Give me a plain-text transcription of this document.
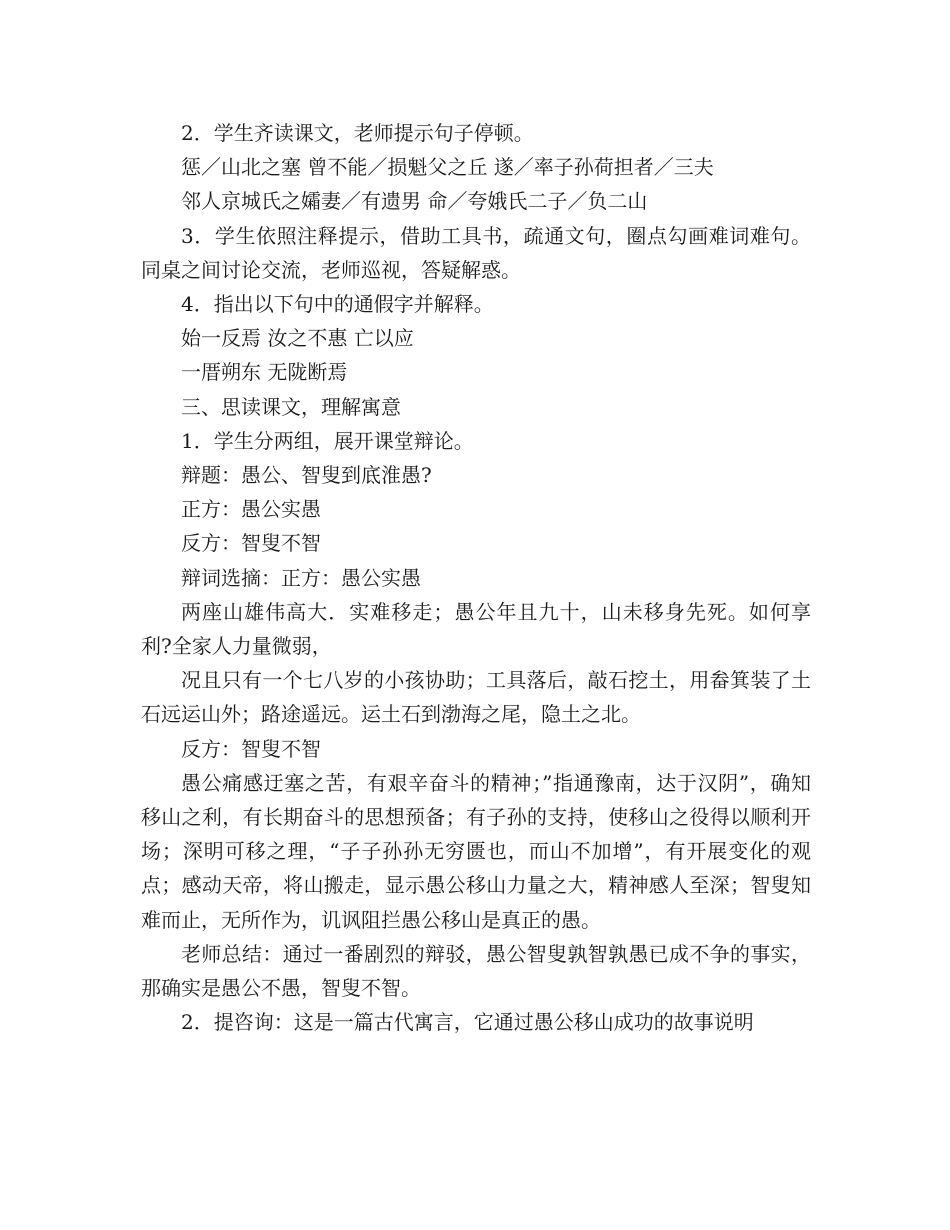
2．学生齐读课文，老师提示句子停顿。

惩／山北之塞 曾不能／损魁父之丘 遂／率子孙荷担者／三夫

邻人京城氏之孀妻／有遗男 命／夸娥氏二子／负二山

3．学生依照注释提示，借助工具书，疏通文句，圈点勾画难词难句。同桌之间讨论交流，老师巡视，答疑解惑。

4．指出以下句中的通假字并解释。

始一反焉 汝之不惠 亡以应

一厝朔东 无陇断焉

三、思读课文，理解寓意

1．学生分两组，展开课堂辩论。

辩题：愚公、智叟到底淮愚?

正方：愚公实愚

反方：智叟不智

辩词选摘：正方：愚公实愚

两座山雄伟高大．实难移走；愚公年且九十，山未移身先死。如何享利?全家人力量微弱，

况且只有一个七八岁的小孩协助；工具落后，敲石挖土，用畚箕装了土石远运山外；路途遥远。运土石到渤海之尾，隐土之北。

反方：智叟不智

愚公痛感迂塞之苦，有艰辛奋斗的精神；”指通豫南，达于汉阴”，确知移山之利，有长期奋斗的思想预备；有子孙的支持，使移山之役得以顺利开场；深明可移之理，“子子孙孙无穷匮也，而山不加增”，有开展变化的观点；感动天帝，将山搬走，显示愚公移山力量之大，精神感人至深；智叟知难而止，无所作为，讥讽阻拦愚公移山是真正的愚。

老师总结：通过一番剧烈的辩驳，愚公智叟孰智孰愚已成不争的事实，那确实是愚公不愚，智叟不智。

2．提咨询：这是一篇古代寓言，它通过愚公移山成功的故事说明
